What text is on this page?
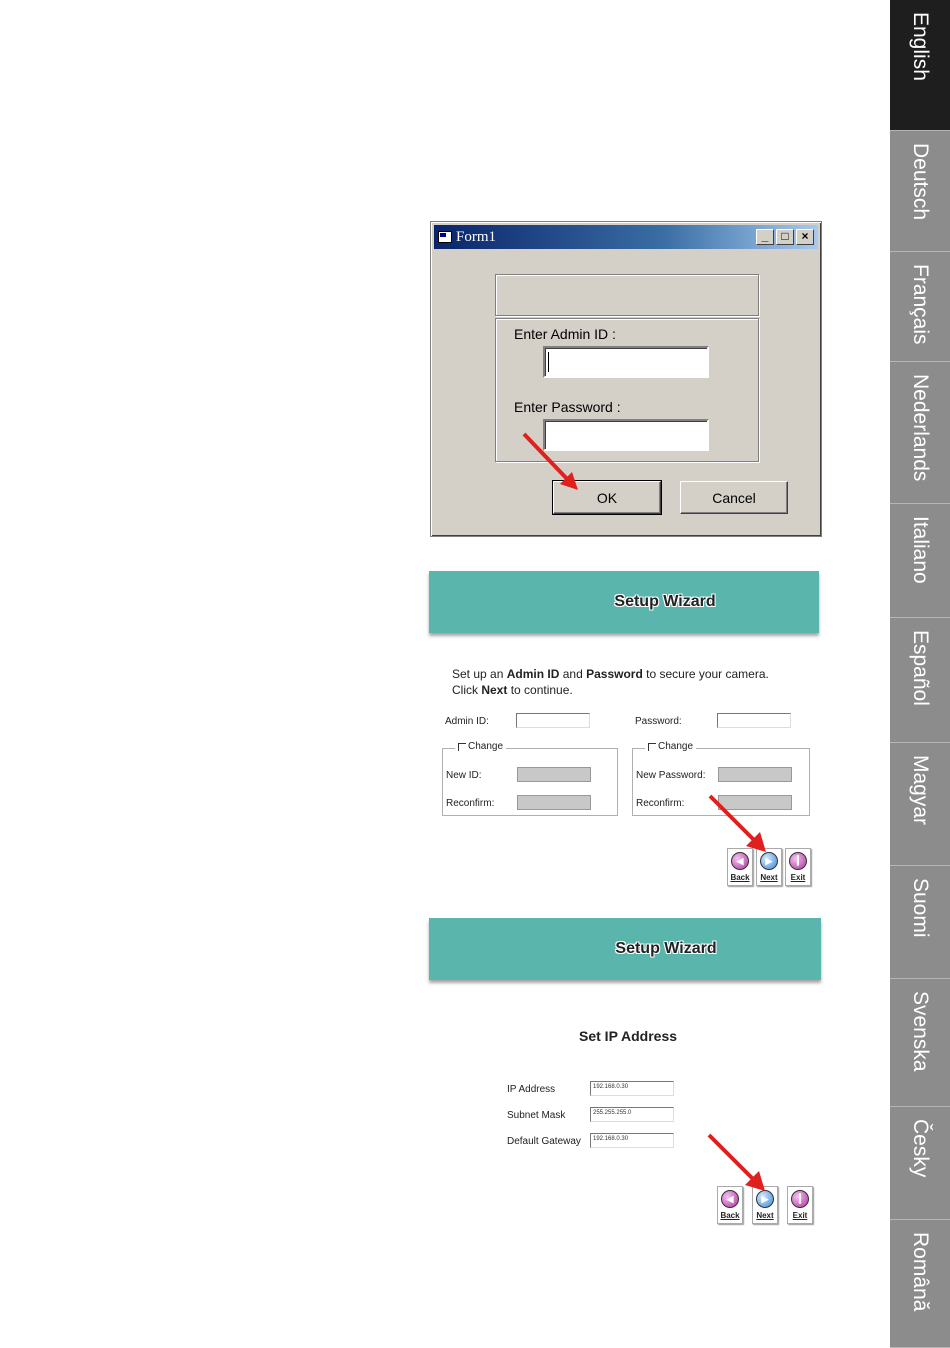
English
Deutsch
Français
Nederlands
Italiano
Español
Magyar
Suomi
Svenska
Česky
Română
Form1	_	□	×
Enter Admin ID :
Enter Password :
OK	Cancel
Setup Wizard
Set up an Admin ID and Password to secure your camera.
Click Next to continue.
Admin ID:	Password:
Change
New ID:
Reconfirm:
Change
New Password:
Reconfirm:
◀
Back
▶ Next
❙ Exit
Setup Wizard
Set IP Address
IP Address	192.168.0.30
Subnet Mask	255.255.255.0
Default Gateway	192.168.0.30
◀
Back
▶ Next
❙ Exit
